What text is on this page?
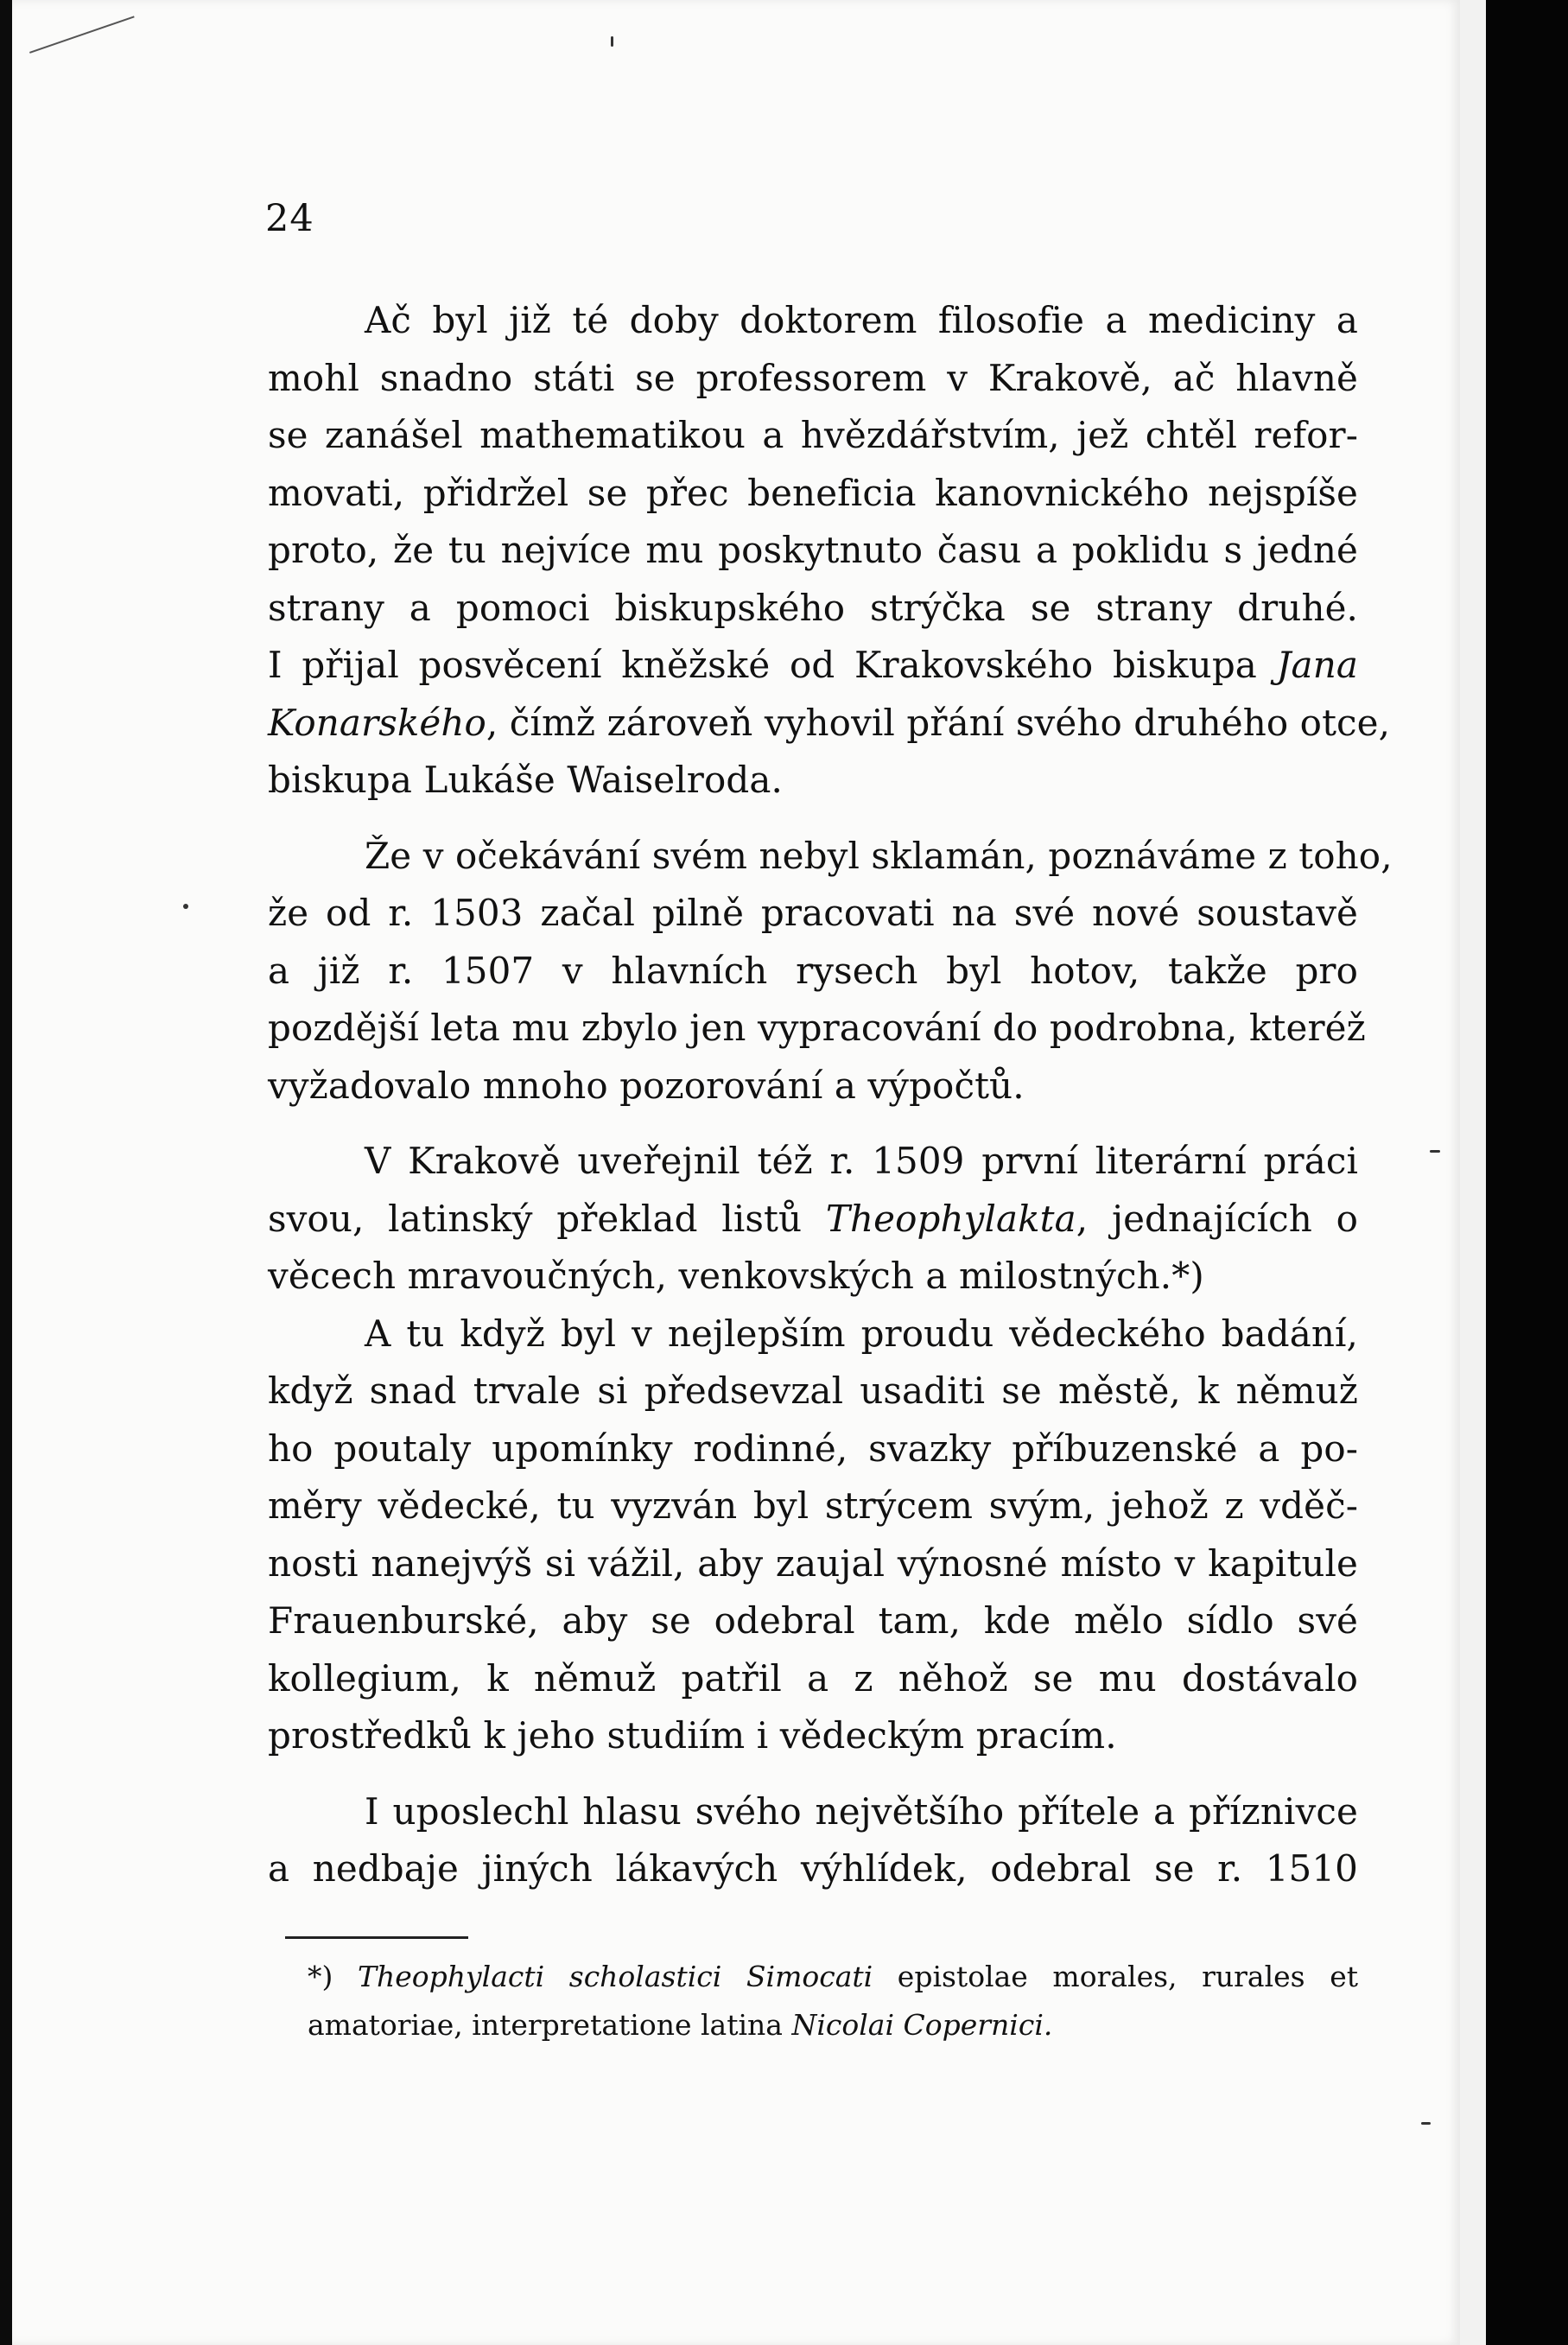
24
Ač byl již té doby doktorem filosofie a mediciny a
mohl snadno státi se professorem v Krakově, ač hlavně
se zanášel mathematikou a hvězdářstvím, jež chtěl refor-
movati, přidržel se přec beneficia kanovnického nejspíše
proto, že tu nejvíce mu poskytnuto času a poklidu s jedné
strany a pomoci biskupského strýčka se strany druhé.
I přijal posvěcení kněžské od Krakovského biskupa Jana
Konarského, čímž zároveň vyhovil přání svého druhého otce,
biskupa Lukáše Waiselroda.
Že v očekávání svém nebyl sklamán, poznáváme z toho,
že od r. 1503 začal pilně pracovati na své nové soustavě
a již r. 1507 v hlavních rysech byl hotov, takže pro
pozdější leta mu zbylo jen vypracování do podrobna, kteréž
vyžadovalo mnoho pozorování a výpočtů.
V Krakově uveřejnil též r. 1509 první literární práci
svou, latinský překlad listů Theophylakta, jednajících o
věcech mravoučných, venkovských a milostných.*)
A tu když byl v nejlepším proudu vědeckého badání,
když snad trvale si předsevzal usaditi se městě, k němuž
ho poutaly upomínky rodinné, svazky příbuzenské a po-
měry vědecké, tu vyzván byl strýcem svým, jehož z vděč-
nosti nanejvýš si vážil, aby zaujal výnosné místo v kapitule
Frauenburské, aby se odebral tam, kde mělo sídlo své
kollegium, k němuž patřil a z něhož se mu dostávalo
prostředků k jeho studiím i vědeckým pracím.
I uposlechl hlasu svého největšího přítele a příznivce
a nedbaje jiných lákavých výhlídek, odebral se r. 1510
*) Theophylacti scholastici Simocati epistolae morales, rurales et
amatoriae, interpretatione latina Nicolai Copernici.
